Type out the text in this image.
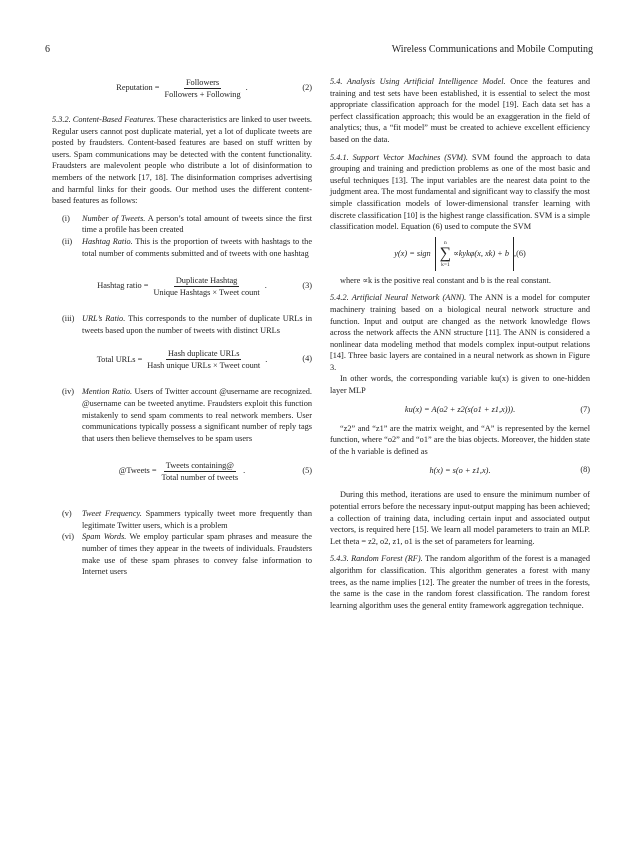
6	Wireless Communications and Mobile Computing
Reputation = $\frac{\text{Followers}}{\text{Followers + Following}}$ .	(2)

5.3.2. Content-Based Features. These characteristics are linked to user tweets. Regular users cannot post duplicate material, yet a lot of duplicate tweets are posted by fraudsters. Content-based features are based on stuff written by users. Spam communications may be detected with the content functionality. Fraudsters are malevolent people who distribute a lot of disinformation to members of the network [17, 18]. The disinformation comprises advertising and harmful links for their goods. Our method uses the different content-based features as follows:

(i)	Number of Tweets. A person’s total amount of tweets since the first time a profile has been created
(ii)	Hashtag Ratio. This is the proportion of tweets with hashtags to the total number of comments submitted and of tweets with one hashtag
Hashtag ratio = $\frac{\text{Duplicate Hashtag}}{\text{Unique Hashtags × Tweet count}}$ .	(3)
(iii) URL’s Ratio. This corresponds to the number of duplicate URLs in tweets based upon the number of tweets with distinct URLs
Total URLs = $\frac{\text{Hash duplicate URLs}}{\text{Hash unique URLs × Tweet count}}$ .	(4)
(iv) Mention Ratio. Users of Twitter account @username are recognized. @username can be tweeted anytime. Fraudsters exploit this function mistakenly to send spam comments to real network members. User communications typically possess a significant number of reply tags that users then believe themselves to be spam users
@Tweets = $\frac{\text{Tweets containing@}}{\text{Total number of tweets}}$ .	(5)
(v)	Tweet Frequency. Spammers typically tweet more frequently than legitimate Twitter users, which is a problem
(vi) Spam Words. We employ particular spam phrases and measure the number of times they appear in the tweets of individuals. Fraudsters make use of these spam phrases to convey false information to Internet users

5.4. Analysis Using Artificial Intelligence Model. Once the features and training and test sets have been established, it is essential to select the most appropriate classification approach for the model [19]. Each data set has a perfect classification approach; this would be an exaggeration in the field of analytics; thus, a “fit model” must be created to achieve excellent efficiency based on the data.

5.4.1. Support Vector Machines (SVM). SVM found the approach to data grouping and training and prediction problems as one of the most basic and useful techniques [13]. The input variables are the nearest data point to the judgment area. The most fundamental and significant way to classify the most simple classification models of lower-dimensional transfer learning with discrete classification [10] is the highest range classification. SVM is a simple classification model. Equation (6) used to compute the SVM

y(x) = sign
n
∑
k=1
∝kykφ(x, xk) + b , (6)

where ∝k is the positive real constant and b is the real constant.

5.4.2. Artificial Neural Network (ANN). The ANN is a model for computer machinery training based on a biological neural network structure and function. Input and output are changed as the network knowledge flows across the network affects the ANN structure [11]. The ANN is considered a nonlinear data modeling method that models complex input-output relations [14]. Three basic layers are contained in a neural network as shown in Figure 3.

In other words, the corresponding variable ku(x) is given to one-hidden layer MLP

ku(x) = A(o2 + z2(s(o1 + z1,x))) .	(7)

“z2” and “z1” are the matrix weight, and “A” is represented by the kernel function, where “o2” and “o1” are the bias objects. Moreover, the hidden state of the h variable is defined as

h(x) = s(o + z1,x) .	(8)

During this method, iterations are used to ensure the minimum number of potential errors before the necessary input-output mapping has been achieved; a collection of training data, including certain input and associated output vectors, is required here [15]. We learn all model parameters to train an MLP. Let theta = z2, o2, z1, o1 is the set of parameters for learning.

5.4.3. Random Forest (RF). The random algorithm of the forest is a managed algorithm for classification. This algorithm generates a forest with many trees, as the name implies [12]. The greater the number of trees in the forests, the same is the case in the random forest classification. The random forest learning algorithm uses the general entity framework aggregation technique.
